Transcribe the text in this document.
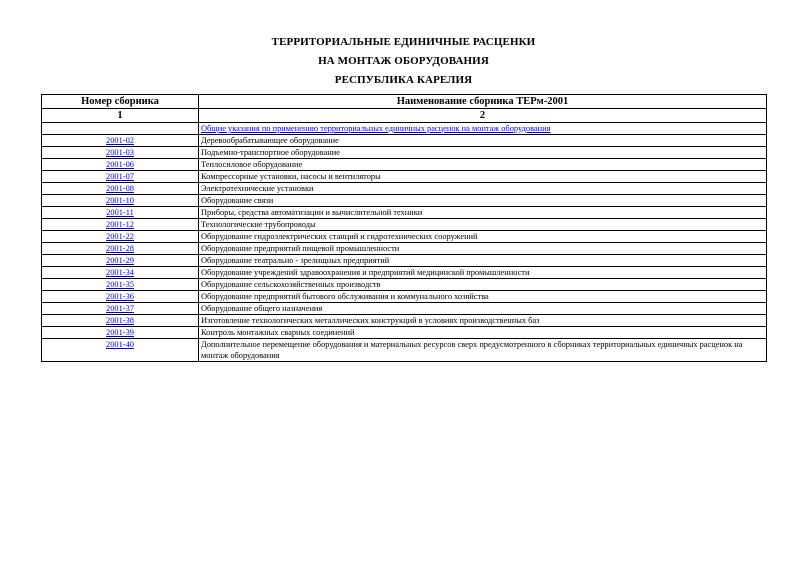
ТЕРРИТОРИАЛЬНЫЕ ЕДИНИЧНЫЕ РАСЦЕНКИ
НА МОНТАЖ ОБОРУДОВАНИЯ
РЕСПУБЛИКА КАРЕЛИЯ
Номер сборника	Наименование сборника ТЕРм-2001
1	2
	Общие указания по применению территориальных единичных расценок на монтаж оборудования
2001-02	Деревообрабатывающее оборудование
2001-03	Подъемно-транспортное оборудование
2001-06	Теплосиловое оборудование
2001-07	Компрессорные установки, насосы и вентиляторы
2001-08	Электротехнические установки
2001-10	Оборудование связи
2001-11	Приборы, средства автоматизации и вычислительной техники
2001-12	Технологические трубопроводы
2001-22	Оборудование гидроэлектрических станций и гидротехнических сооружений
2001-28	Оборудование предприятий пищевой промышленности
2001-29	Оборудование театрально - зрелищных предприятий
2001-34	Оборудование учреждений здравоохранения и предприятий медицинской промышленности
2001-35	Оборудование сельскохозяйственных производств
2001-36	Оборудование предприятий бытового обслуживания и коммунального хозяйства
2001-37	Оборудование общего назначения
2001-38	Изготовление технологических металлических конструкций в условиях производственных баз
2001-39	Контроль монтажных сварных соединений
2001-40	Дополнительное перемещение оборудования и материальных ресурсов сверх предусмотренного в сборниках территориальных единичных расценок на монтаж оборудования
